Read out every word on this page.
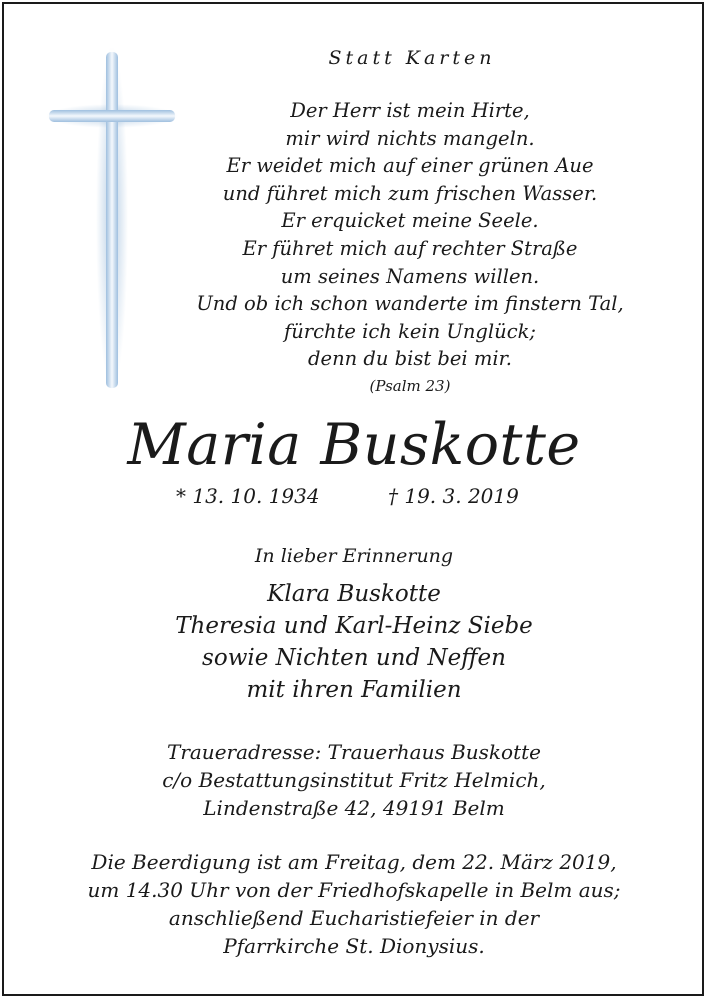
Statt Karten
Der Herr ist mein Hirte,
mir wird nichts mangeln.
Er weidet mich auf einer grünen Aue
und führet mich zum frischen Wasser.
Er erquicket meine Seele.
Er führet mich auf rechter Straße
um seines Namens willen.
Und ob ich schon wanderte im finstern Tal,
fürchte ich kein Unglück;
denn du bist bei mir.
(Psalm 23)
Maria Buskotte
* 13. 10. 1934	† 19. 3. 2019
In lieber Erinnerung
Klara Buskotte
Theresia und Karl-Heinz Siebe
sowie Nichten und Neffen
mit ihren Familien
Traueradresse: Trauerhaus Buskotte
c/o Bestattungsinstitut Fritz Helmich,
Lindenstraße 42, 49191 Belm
Die Beerdigung ist am Freitag, dem 22. März 2019,
um 14.30 Uhr von der Friedhofskapelle in Belm aus;
anschließend Eucharistiefeier in der
Pfarrkirche St. Dionysius.
